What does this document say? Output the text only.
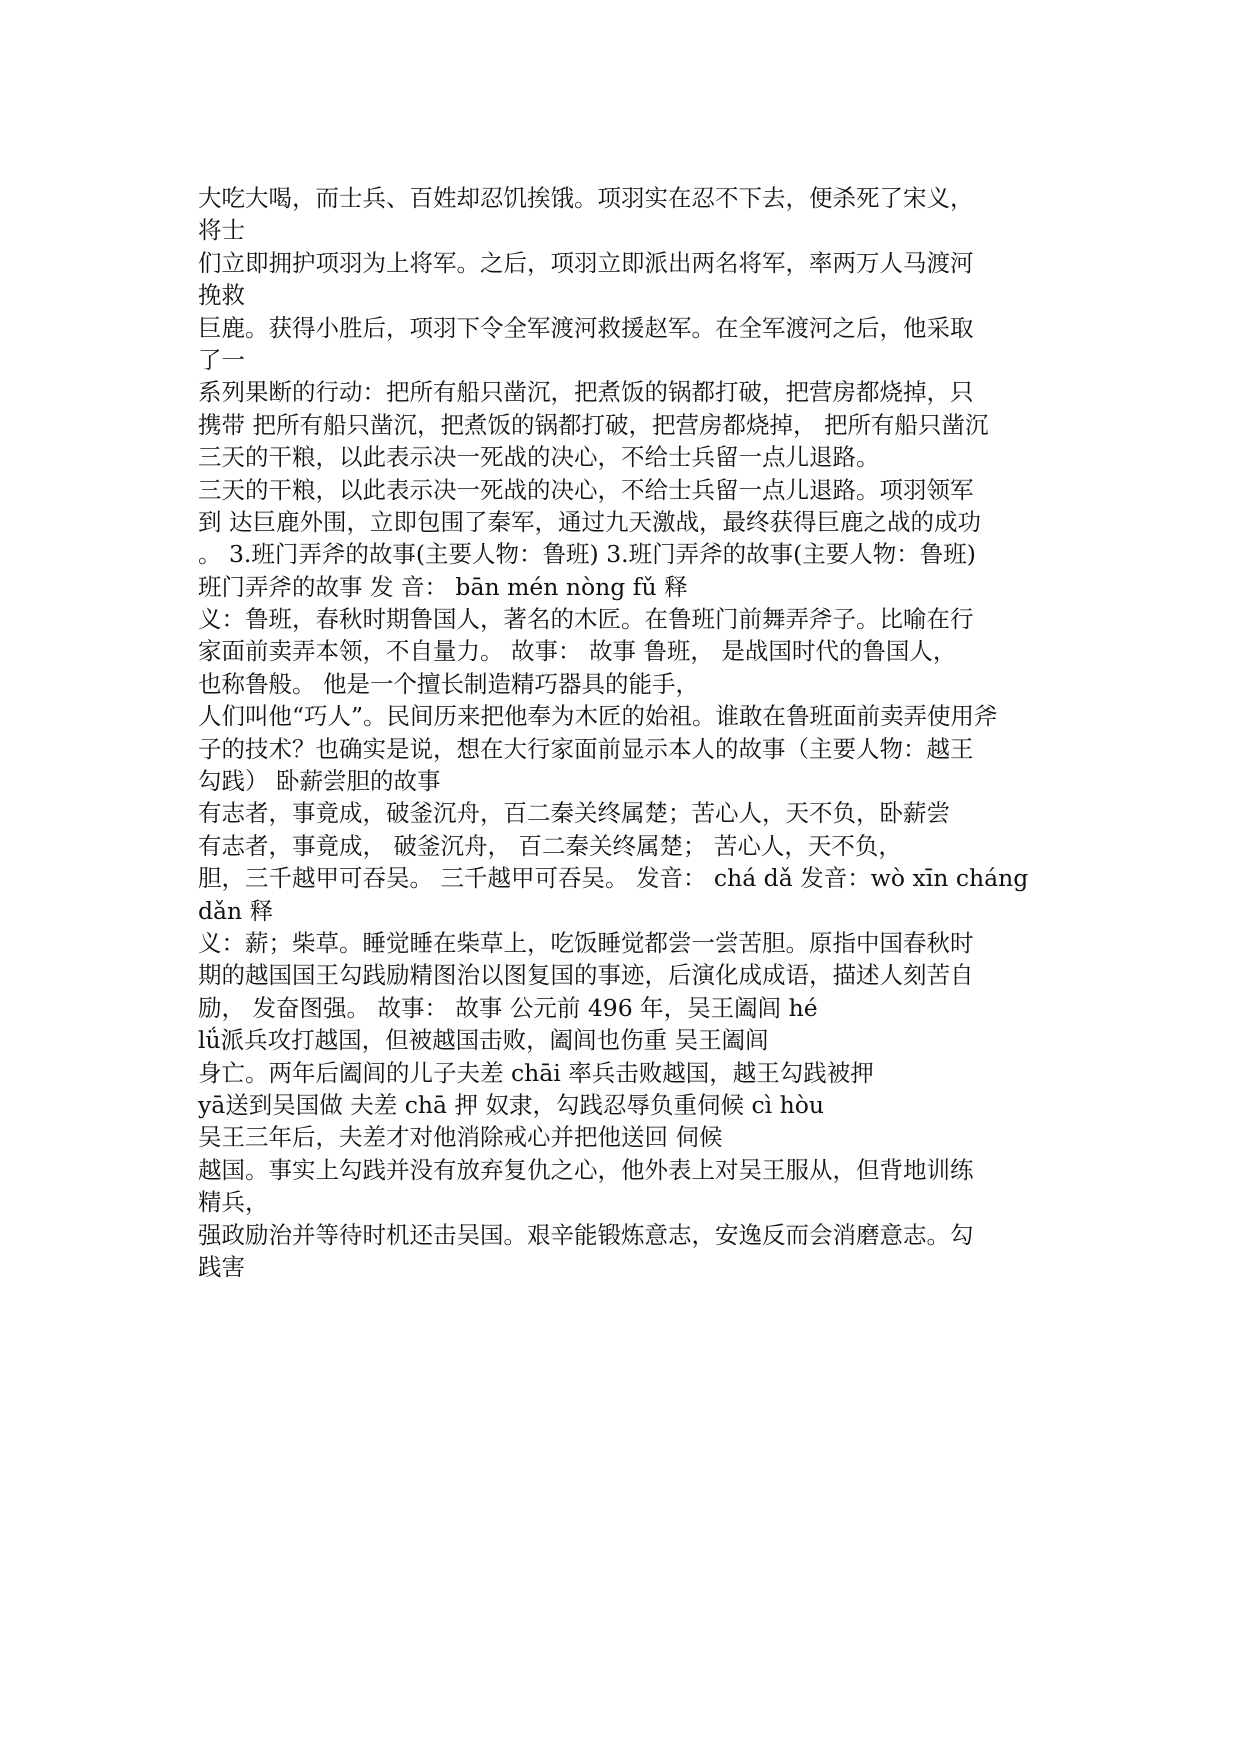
大吃大喝，而士兵、百姓却忍饥挨饿。项羽实在忍不下去，便杀死了宋义，
将士
们立即拥护项羽为上将军。之后，项羽立即派出两名将军，率两万人马渡河
挽救
巨鹿。获得小胜后，项羽下令全军渡河救援赵军。在全军渡河之后，他采取
了一
系列果断的行动：把所有船只凿沉，把煮饭的锅都打破，把营房都烧掉，只
携带 把所有船只凿沉，把煮饭的锅都打破，把营房都烧掉， 把所有船只凿沉
三天的干粮，以此表示决一死战的决心，不给士兵留一点儿退路。
三天的干粮，以此表示决一死战的决心，不给士兵留一点儿退路。项羽领军
到 达巨鹿外围，立即包围了秦军，通过九天激战，最终获得巨鹿之战的成功
。 3.班门弄斧的故事(主要人物：鲁班) 3.班门弄斧的故事(主要人物：鲁班)
班门弄斧的故事 发 音： bān mén nòng fǔ 释
义：鲁班，春秋时期鲁国人，著名的木匠。在鲁班门前舞弄斧子。比喻在行
家面前卖弄本领，不自量力。 故事： 故事 鲁班， 是战国时代的鲁国人，
也称鲁般。 他是一个擅长制造精巧器具的能手，
人们叫他“巧人”。民间历来把他奉为木匠的始祖。谁敢在鲁班面前卖弄使用斧
子的技术？也确实是说，想在大行家面前显示本人的故事（主要人物：越王
勾践） 卧薪尝胆的故事
有志者，事竟成，破釜沉舟，百二秦关终属楚；苦心人，天不负，卧薪尝
有志者，事竟成， 破釜沉舟， 百二秦关终属楚； 苦心人，天不负，
胆，三千越甲可吞吴。 三千越甲可吞吴。 发音： chá dǎ 发音：wò xīn cháng
dǎn 释
义：薪；柴草。睡觉睡在柴草上，吃饭睡觉都尝一尝苦胆。原指中国春秋时
期的越国国王勾践励精图治以图复国的事迹，后演化成成语，描述人刻苦自
励， 发奋图强。 故事： 故事 公元前 496 年，吴王阖闾 hé
lǘ派兵攻打越国，但被越国击败，阖闾也伤重 吴王阖闾
身亡。两年后阖闾的儿子夫差 chāi 率兵击败越国，越王勾践被押
yā送到吴国做 夫差 chā 押 奴隶，勾践忍辱负重伺候 cì hòu
吴王三年后，夫差才对他消除戒心并把他送回 伺候
越国。事实上勾践并没有放弃复仇之心，他外表上对吴王服从，但背地训练
精兵，
强政励治并等待时机还击吴国。艰辛能锻炼意志，安逸反而会消磨意志。勾
践害
